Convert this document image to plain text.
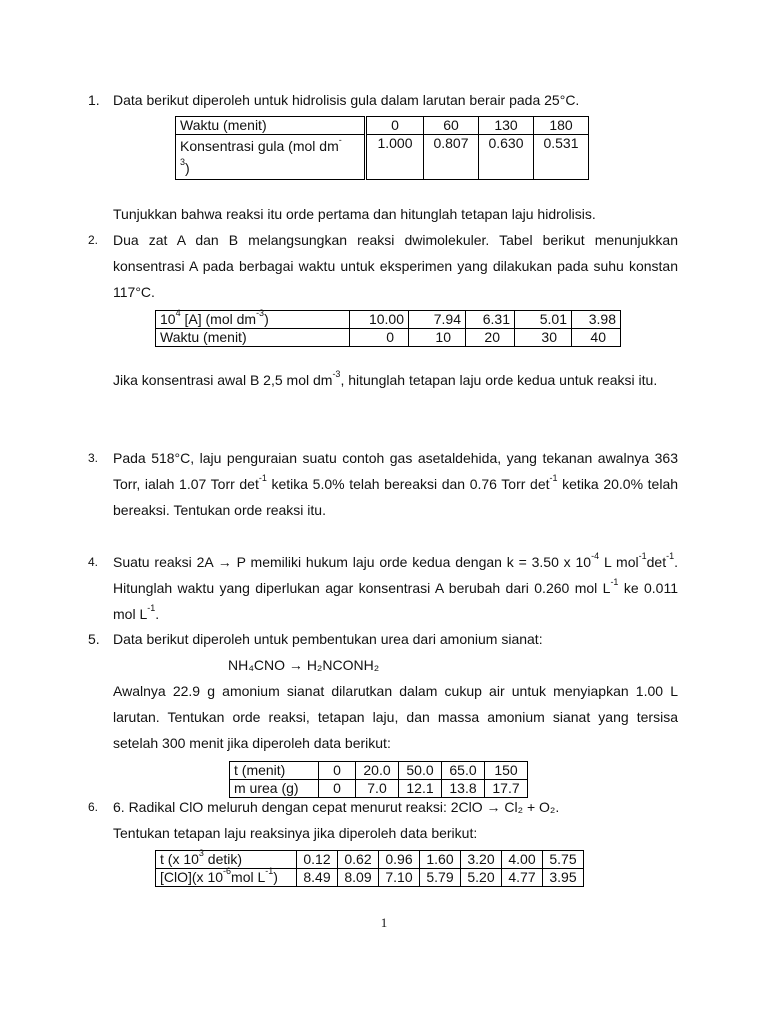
1. Data berikut diperoleh untuk hidrolisis gula dalam larutan berair pada 25°C.
Waktu (menit)	0	60	130	180
Konsentrasi gula (mol dm-
$^3$)	1.000	0.807	0.630	0.531
Tunjukkan bahwa reaksi itu orde pertama dan hitunglah tetapan laju hidrolisis.
2. Dua zat A dan B melangsungkan reaksi dwimolekuler. Tabel berikut menunjukkan konsentrasi A pada berbagai waktu untuk eksperimen yang dilakukan pada suhu konstan 117°C.
$10^4$ [A] (mol $dm^{-3}$)	10.00	7.94	6.31	5.01	3.98
Waktu (menit)	0	10	20	30	40
Jika konsentrasi awal B 2,5 mol $dm^{-3}$, hitunglah tetapan laju orde kedua untuk reaksi itu.
3. Pada 518°C, laju penguraian suatu contoh gas asetaldehida, yang tekanan awalnya 363 Torr, ialah 1.07 Torr $\det^{-1}$ ketika 5.0% telah bereaksi dan 0.76 Torr $\det^{-1}$ ketika 20.0% telah bereaksi. Tentukan orde reaksi itu.
4. Suatu reaksi 2A → P memiliki hukum laju orde kedua dengan k = 3.50 x $10^{-4}$ L $mol^{-1}\det^{-1}$. Hitunglah waktu yang diperlukan agar konsentrasi A berubah dari 0.260 mol $L^{-1}$ ke 0.011 mol $L^{-1}$.
5. Data berikut diperoleh untuk pembentukan urea dari amonium sianat:
NH₄CNO → H₂NCONH₂
Awalnya 22.9 g amonium sianat dilarutkan dalam cukup air untuk menyiapkan 1.00 L larutan. Tentukan orde reaksi, tetapan laju, dan massa amonium sianat yang tersisa setelah 300 menit jika diperoleh data berikut:
t (menit)	0	20.0	50.0	65.0	150
m urea (g)	0	7.0	12.1	13.8	17.7
6. 6. Radikal ClO meluruh dengan cepat menurut reaksi: 2ClO → Cl₂ + O₂.
Tentukan tetapan laju reaksinya jika diperoleh data berikut:
t (x $10^3$ detik)	0.12	0.62	0.96	1.60	3.20	4.00	5.75
[ClO](x $10^{-6}mol$ $L^{-1}$)	8.49	8.09	7.10	5.79	5.20	4.77	3.95
1
